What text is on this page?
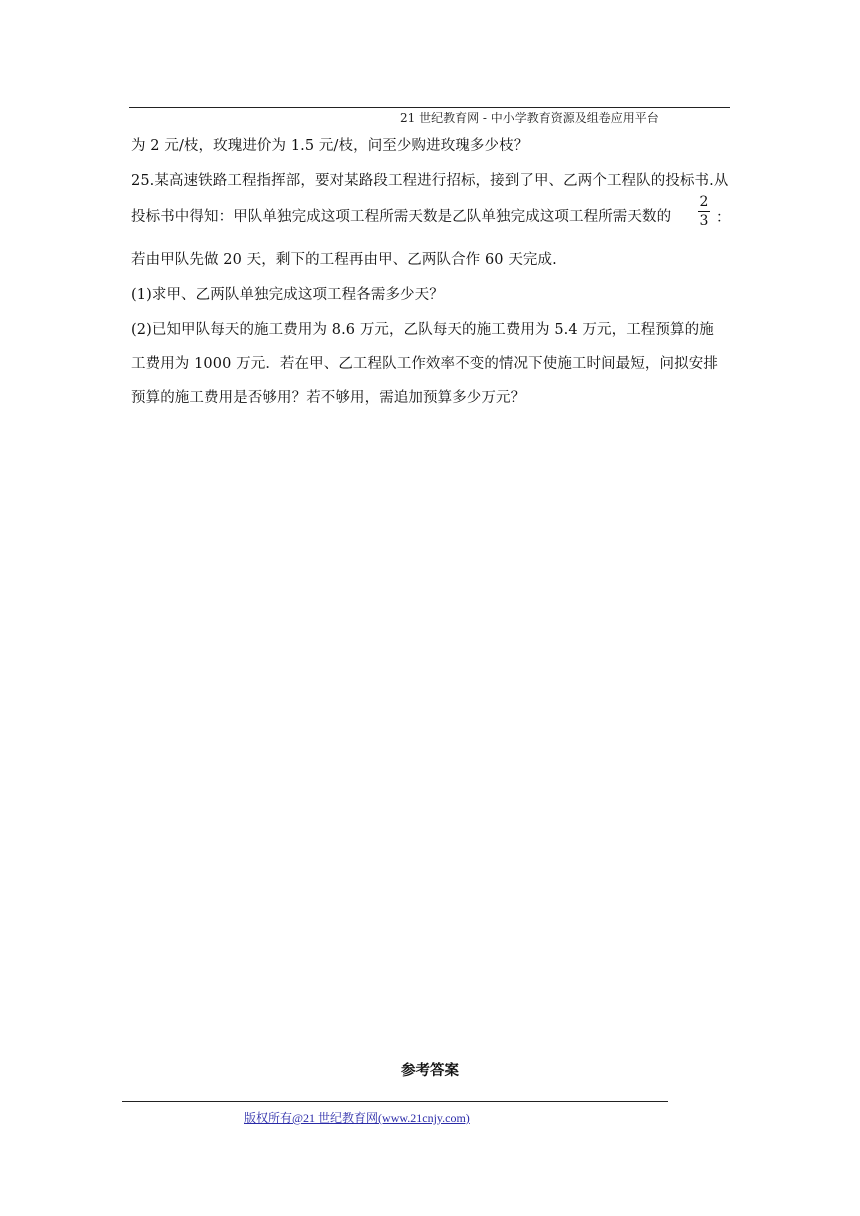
21 世纪教育网 - 中小学教育资源及组卷应用平台
为 2 元/枝，玫瑰进价为 1.5 元/枝，问至少购进玫瑰多少枝？
25.某高速铁路工程指挥部，要对某路段工程进行招标，接到了甲、乙两个工程队的投标书.从
投标书中得知：甲队单独完成这项工程所需天数是乙队单独完成这项工程所需天数的
2
3 ：
若由甲队先做 20 天，剩下的工程再由甲、乙两队合作 60 天完成.
(1)求甲、乙两队单独完成这项工程各需多少天？
(2)已知甲队每天的施工费用为 8.6 万元，乙队每天的施工费用为 5.4 万元，工程预算的施
工费用为 1000 万元．若在甲、乙工程队工作效率不变的情况下使施工时间最短，问拟安排
预算的施工费用是否够用？若不够用，需追加预算多少万元？
参考答案
版权所有@21 世纪教育网(www.21cnjy.com)
